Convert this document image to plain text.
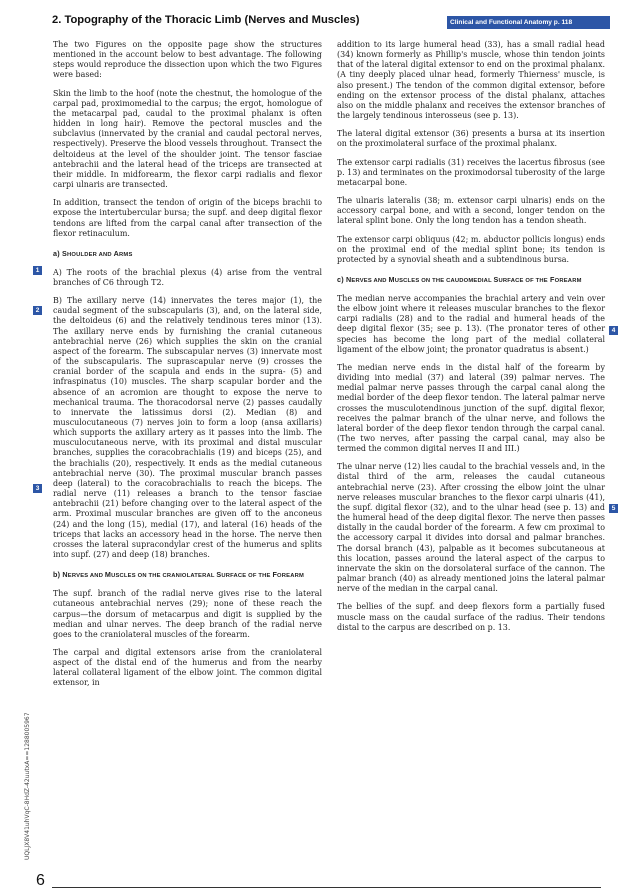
2. Topography of the Thoracic Limb (Nerves and Muscles)	Clinical and Functional Anatomy p. 118

The two Figures on the opposite page show the structures mentioned in the account below to best advantage. The following steps would reproduce the dissection upon which the two Figures were based:

Skin the limb to the hoof (note the chestnut, the homologue of the carpal pad, proximomedial to the carpus; the ergot, homologue of the metacarpal pad, caudal to the proximal phalanx is often hidden in long hair). Remove the pectoral muscles and the subclavius (innervated by the cranial and caudal pectoral nerves, respectively). Preserve the blood vessels throughout. Transect the deltoideus at the level of the shoulder joint. The tensor fasciae antebrachii and the lateral head of the triceps are transected at their middle. In midforearm, the flexor carpi radialis and flexor carpi ulnaris are transected.

In addition, transect the tendon of origin of the biceps brachii to expose the intertubercular bursa; the supf. and deep digital flexor tendons are lifted from the carpal canal after transection of the flexor retinaculum.

a) SHOULDER AND ARMS

A) The roots of the brachial plexus (4) arise from the ventral branches of C6 through T2.

B) The axillary nerve (14) innervates the teres major (1), the caudal segment of the subscapularis (3), and, on the lateral side, the deltoideus (6) and the relatively tendinous teres minor (13). The axillary nerve ends by furnishing the cranial cutaneous antebrachial nerve (26) which supplies the skin on the cranial aspect of the forearm. The subscapular nerves (3) innervate most of the subscapularis. The suprascapular nerve (9) crosses the cranial border of the scapula and ends in the supra- (5) and infraspinatus (10) muscles. The sharp scapular border and the absence of an acromion are thought to expose the nerve to mechanical trauma. The thoracodorsal nerve (2) passes caudally to innervate the latissimus dorsi (2). Median (8) and musculocutaneous (7) nerves join to form a loop (ansa axillaris) which supports the axillary artery as it passes into the limb. The musculocutaneous nerve, with its proximal and distal muscular branches, supplies the coracobrachialis (19) and biceps (25), and the brachialis (20), respectively. It ends as the medial cutaneous antebrachial nerve (30). The proximal muscular branch passes deep (lateral) to the coracobrachialis to reach the biceps. The radial nerve (11) releases a branch to the tensor fasciae antebrachii (21) before changing over to the lateral aspect of the arm. Proximal muscular branches are given off to the anconeus (24) and the long (15), medial (17), and lateral (16) heads of the triceps that lacks an accessory head in the horse. The nerve then crosses the lateral supracondylar crest of the humerus and splits into supf. (27) and deep (18) branches.

b) NERVES AND MUSCLES ON THE CRANIOLATERAL SURFACE OF THE FOREARM

The supf. branch of the radial nerve gives rise to the lateral cutaneous antebrachial nerves (29); none of these reach the carpus—the dorsum of metacarpus and digit is supplied by the median and ulnar nerves. The deep branch of the radial nerve goes to the craniolateral muscles of the forearm.

The carpal and digital extensors arise from the craniolateral aspect of the distal end of the humerus and from the nearby lateral collateral ligament of the elbow joint. The common digital extensor, in

addition to its large humeral head (33), has a small radial head (34) known formerly as Phillip's muscle, whose thin tendon joints that of the lateral digital extensor to end on the proximal phalanx. (A tiny deeply placed ulnar head, formerly Thierness' muscle, is also present.) The tendon of the common digital extensor, before ending on the extensor process of the distal phalanx, attaches also on the middle phalanx and receives the extensor branches of the largely tendinous interosseus (see p. 13).

The lateral digital extensor (36) presents a bursa at its insertion on the proximolateral surface of the proximal phalanx.

The extensor carpi radialis (31) receives the lacertus fibrosus (see p. 13) and terminates on the proximodorsal tuberosity of the large metacarpal bone.

The ulnaris lateralis (38; m. extensor carpi ulnaris) ends on the accessory carpal bone, and with a second, longer tendon on the lateral splint bone. Only the long tendon has a tendon sheath.

The extensor carpi obliquus (42; m. abductor pollicis longus) ends on the proximal end of the medial splint bone; its tendon is protected by a synovial sheath and a subtendinous bursa.

c) NERVES AND MUSCLES ON THE CAUDOMEDIAL SURFACE OF THE FOREARM

The median nerve accompanies the brachial artery and vein over the elbow joint where it releases muscular branches to the flexor carpi radialis (28) and to the radial and humeral heads of the deep digital flexor (35; see p. 13). (The pronator teres of other species has become the long part of the medial collateral ligament of the elbow joint; the pronator quadratus is absent.)

The median nerve ends in the distal half of the forearm by dividing into medial (37) and lateral (39) palmar nerves. The medial palmar nerve passes through the carpal canal along the medial border of the deep flexor tendon. The lateral palmar nerve crosses the musculotendinous junction of the supf. digital flexor, receives the palmar branch of the ulnar nerve, and follows the lateral border of the deep flexor tendon through the carpal canal. (The two nerves, after passing the carpal canal, may also be termed the common digital nerves II and III.)

The ulnar nerve (12) lies caudal to the brachial vessels and, in the distal third of the arm, releases the caudal cutaneous antebrachial nerve (23). After crossing the elbow joint the ulnar nerve releases muscular branches to the flexor carpi ulnaris (41), the supf. digital flexor (32), and to the ulnar head (see p. 13) and the humeral head of the deep digital flexor. The nerve then passes distally in the caudal border of the forearm. A few cm proximal to the accessory carpal it divides into dorsal and palmar branches. The dorsal branch (43), palpable as it becomes subcutaneous at this location, passes around the lateral aspect of the carpus to innervate the skin on the dorsolateral surface of the cannon. The palmar branch (40) as already mentioned joins the lateral palmar nerve of the median in the carpal canal.

The bellies of the supf. and deep flexors form a partially fused muscle mass on the caudal surface of the radius. Their tendons distal to the carpus are described on p. 13.

1
2
3
4
5
UQLJX8V41uhVqC-8HdZ-42uutxA==1288005967
6
